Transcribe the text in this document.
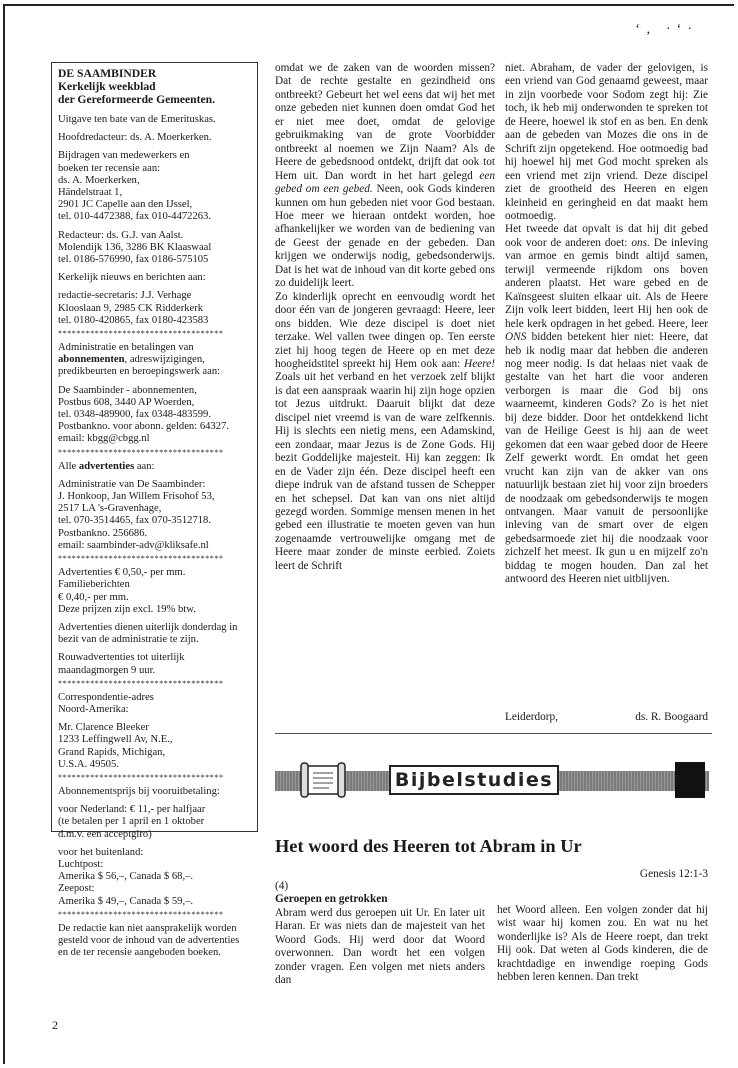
‘‚ ·‘·
DE SAAMBINDER
Kerkelijk weekblad
der Gereformeerde Gemeenten.

Uitgave ten bate van de Emerituskas.

Hoofdredacteur: ds. A. Moerkerken.

Bijdragen van medewerkers en
boeken ter recensie aan:
ds. A. Moerkerken,
Händelstraat 1,
2901 JC Capelle aan den IJssel,
tel. 010-4472388, fax 010-4472263.

Redacteur: ds. G.J. van Aalst.
Molendijk 136, 3286 BK Klaaswaal
tel. 0186-576990, fax 0186-575105

Kerkelijk nieuws en berichten aan:

redactie-secretaris: J.J. Verhage
Klooslaan 9, 2985 CK Ridderkerk
tel. 0180-420865, fax 0180-423583

************************************

Administratie en betalingen van abonnementen, adreswijzigingen, predikbeurten en beroepingswerk aan:

De Saambinder - abonnementen,
Postbus 608, 3440 AP Woerden,
tel. 0348-489900, fax 0348-483599.
Postbankno. voor abonn. gelden: 64327.
email: kbgg@cbgg.nl

************************************

Alle advertenties aan:

Administratie van De Saambinder:
J. Honkoop, Jan Willem Frisohof 53,
2517 LA 's-Gravenhage,
tel. 070-3514465, fax 070-3512718.
Postbankno. 256686.
email: saambinder-adv@kliksafe.nl

************************************

Advertenties € 0,50,- per mm.
Familieberichten
€ 0,40,- per mm.
Deze prijzen zijn excl. 19% btw.

Advertenties dienen uiterlijk donderdag in bezit van de administratie te zijn.

Rouwadvertenties tot uiterlijk maandagmorgen 9 uur.

************************************

Correspondentie-adres
Noord-Amerika:

Mr. Clarence Bleeker
1233 Leffingwell Av, N.E.,
Grand Rapids, Michigan,
U.S.A. 49505.

************************************

Abonnementsprijs bij vooruitbetaling:

voor Nederland: € 11,- per halfjaar
(te betalen per 1 april en 1 oktober
d.m.v. een acceptgiro)

voor het buitenland:
Luchtpost:
Amerika $ 56,–, Canada $ 68,–.
Zeepost:
Amerika $ 49,–, Canada $ 59,–.

************************************

De redactie kan niet aansprakelijk worden gesteld voor de inhoud van de advertenties en de ter recensie aangeboden boeken.

omdat we de zaken van de woorden missen? Dat de rechte gestalte en gezindheid ons ontbreekt? Gebeurt het wel eens dat wij het met onze gebeden niet kunnen doen omdat God het er niet mee doet, omdat de gelovige gebruikmaking van de grote Voorbidder ontbreekt al noemen we Zijn Naam? Als de Heere de gebedsnood ontdekt, drijft dat ook tot Hem uit. Dan wordt in het hart gelegd een gebed om een gebed. Neen, ook Gods kinderen kunnen om hun gebeden niet voor God bestaan. Hoe meer we hieraan ontdekt worden, hoe afhankelijker we worden van de bediening van de Geest der genade en der gebeden. Dan krijgen we onderwijs nodig, gebedsonderwijs. Dat is het wat de inhoud van dit korte gebed ons zo duidelijk leert.

Zo kinderlijk oprecht en eenvoudig wordt het door één van de jongeren gevraagd: Heere, leer ons bidden. Wie deze discipel is doet niet terzake. Wel vallen twee dingen op. Ten eerste ziet hij hoog tegen de Heere op en met deze hoogheidstitel spreekt hij Hem ook aan: Heere! Zoals uit het verband en het verzoek zelf blijkt is dat een aanspraak waarin hij zijn hoge opzien tot Jezus uitdrukt. Daaruit blijkt dat deze discipel niet vreemd is van de ware zelfkennis. Hij is slechts een nietig mens, een Adamskind, een zondaar, maar Jezus is de Zone Gods. Hij bezit Goddelijke majesteit. Hij kan zeggen: Ik en de Vader zijn één. Deze discipel heeft een diepe indruk van de afstand tussen de Schepper en het schepsel. Dat kan van ons niet altijd gezegd worden. Sommige mensen menen in het gebed een illustratie te moeten geven van hun zogenaamde vertrouwelijke omgang met de Heere maar zonder de minste eerbied. Zoiets leert de Schrift

niet. Abraham, de vader der gelovigen, is een vriend van God genaamd geweest, maar in zijn voorbede voor Sodom zegt hij: Zie toch, ik heb mij onderwonden te spreken tot de Heere, hoewel ik stof en as ben. En denk aan de gebeden van Mozes die ons in de Schrift zijn opgetekend. Hoe ootmoedig bad hij hoewel hij met God mocht spreken als een vriend met zijn vriend. Deze discipel ziet de grootheid des Heeren en eigen kleinheid en geringheid en dat maakt hem ootmoedig.

Het tweede dat opvalt is dat hij dit gebed ook voor de anderen doet: ons. De inleving van armoe en gemis bindt altijd samen, terwijl vermeende rijkdom ons boven anderen plaatst. Het ware gebed en de Kaïnsgeest sluiten elkaar uit. Als de Heere Zijn volk leert bidden, leert Hij hen ook de hele kerk opdragen in het gebed. Heere, leer ONS bidden betekent hier niet: Heere, dat heb ik nodig maar dat hebben die anderen nog meer nodig. Is dat helaas niet vaak de gestalte van het hart die voor anderen verborgen is maar die God bij ons waarneemt, kinderen Gods? Zo is het niet bij deze bidder. Door het ontdekkend licht van de Heilige Geest is hij aan de weet gekomen dat een waar gebed door de Heere Zelf gewerkt wordt. En omdat het geen vrucht kan zijn van de akker van ons natuurlijk bestaan ziet hij voor zijn broeders de noodzaak om gebedsonderwijs te mogen ontvangen. Maar vanuit de persoonlijke inleving van de smart over de eigen gebedsarmoede ziet hij die noodzaak voor zichzelf het meest. Ik gun u en mijzelf zo'n biddag te mogen houden. Dan zal het antwoord des Heeren niet uitblijven.

Leiderdorp,	ds. R. Boogaard
Bijbelstudies
Het woord des Heeren tot Abram in Ur
Genesis 12:1-3

(4)

Geroepen en getrokken

Abram werd dus geroepen uit Ur. En later uit Haran. Er was niets dan de majesteit van het Woord Gods. Hij werd door dat Woord overwonnen. Dan wordt het een volgen zonder vragen. Een volgen met niets anders dan

het Woord alleen. Een volgen zonder dat hij wist waar hij komen zou. En wat nu het wonderlijke is? Als de Heere roept, dan trekt Hij ook. Dat weten al Gods kinderen, die de krachtdadige en inwendige roeping Gods hebben leren kennen. Dan trekt

2
